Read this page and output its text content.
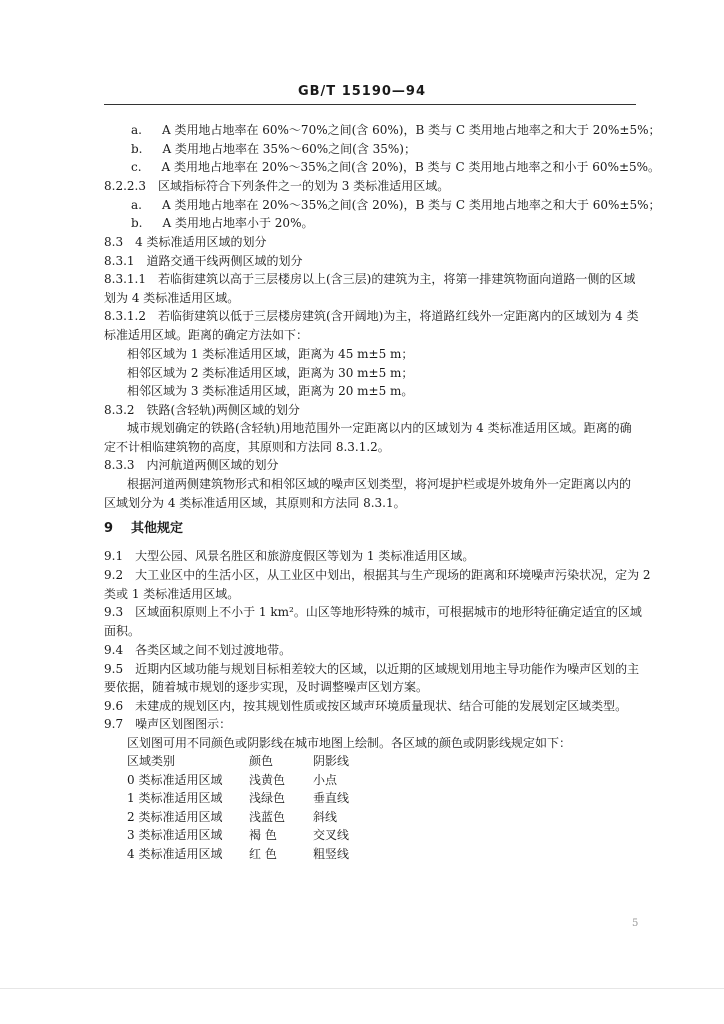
GB/T 15190—94
a. A 类用地占地率在 60%～70%之间(含 60%)，B 类与 C 类用地占地率之和大于 20%±5%；
b. A 类用地占地率在 35%～60%之间(含 35%)；
c. A 类用地占地率在 20%～35%之间(含 20%)，B 类与 C 类用地占地率之和小于 60%±5%。
8.2.2.3 区域指标符合下列条件之一的划为 3 类标准适用区域。
a. A 类用地占地率在 20%～35%之间(含 20%)，B 类与 C 类用地占地率之和大于 60%±5%；
b. A 类用地占地率小于 20%。
8.3 4 类标准适用区域的划分
8.3.1 道路交通干线两侧区域的划分
8.3.1.1 若临街建筑以高于三层楼房以上(含三层)的建筑为主，将第一排建筑物面向道路一侧的区域
划为 4 类标准适用区域。
8.3.1.2 若临街建筑以低于三层楼房建筑(含开阔地)为主，将道路红线外一定距离内的区域划为 4 类
标准适用区域。距离的确定方法如下：
相邻区域为 1 类标准适用区域，距离为 45 m±5 m；
相邻区域为 2 类标准适用区域，距离为 30 m±5 m；
相邻区域为 3 类标准适用区域，距离为 20 m±5 m。
8.3.2 铁路(含轻轨)两侧区域的划分
城市规划确定的铁路(含轻轨)用地范围外一定距离以内的区域划为 4 类标准适用区域。距离的确
定不计相临建筑物的高度，其原则和方法同 8.3.1.2。
8.3.3 内河航道两侧区域的划分
根据河道两侧建筑物形式和相邻区域的噪声区划类型，将河堤护栏或堤外坡角外一定距离以内的
区域划分为 4 类标准适用区域，其原则和方法同 8.3.1。
9 其他规定
9.1 大型公园、风景名胜区和旅游度假区等划为 1 类标准适用区域。
9.2 大工业区中的生活小区，从工业区中划出，根据其与生产现场的距离和环境噪声污染状况，定为 2
类或 1 类标准适用区域。
9.3 区域面积原则上不小于 1 km²。山区等地形特殊的城市，可根据城市的地形特征确定适宜的区域
面积。
9.4 各类区域之间不划过渡地带。
9.5 近期内区域功能与规划目标相差较大的区域，以近期的区域规划用地主导功能作为噪声区划的主
要依据，随着城市规划的逐步实现，及时调整噪声区划方案。
9.6 未建成的规划区内，按其规划性质或按区域声环境质量现状、结合可能的发展划定区域类型。
9.7 噪声区划图图示：
区划图可用不同颜色或阴影线在城市地图上绘制。各区域的颜色或阴影线规定如下：
区域类别	颜色	阴影线
0 类标准适用区域 浅黄色 小点
1 类标准适用区域 浅绿色 垂直线
2 类标准适用区域 浅蓝色 斜线
3 类标准适用区域 褐 色	交叉线
4 类标准适用区域 红 色	粗竖线
5
